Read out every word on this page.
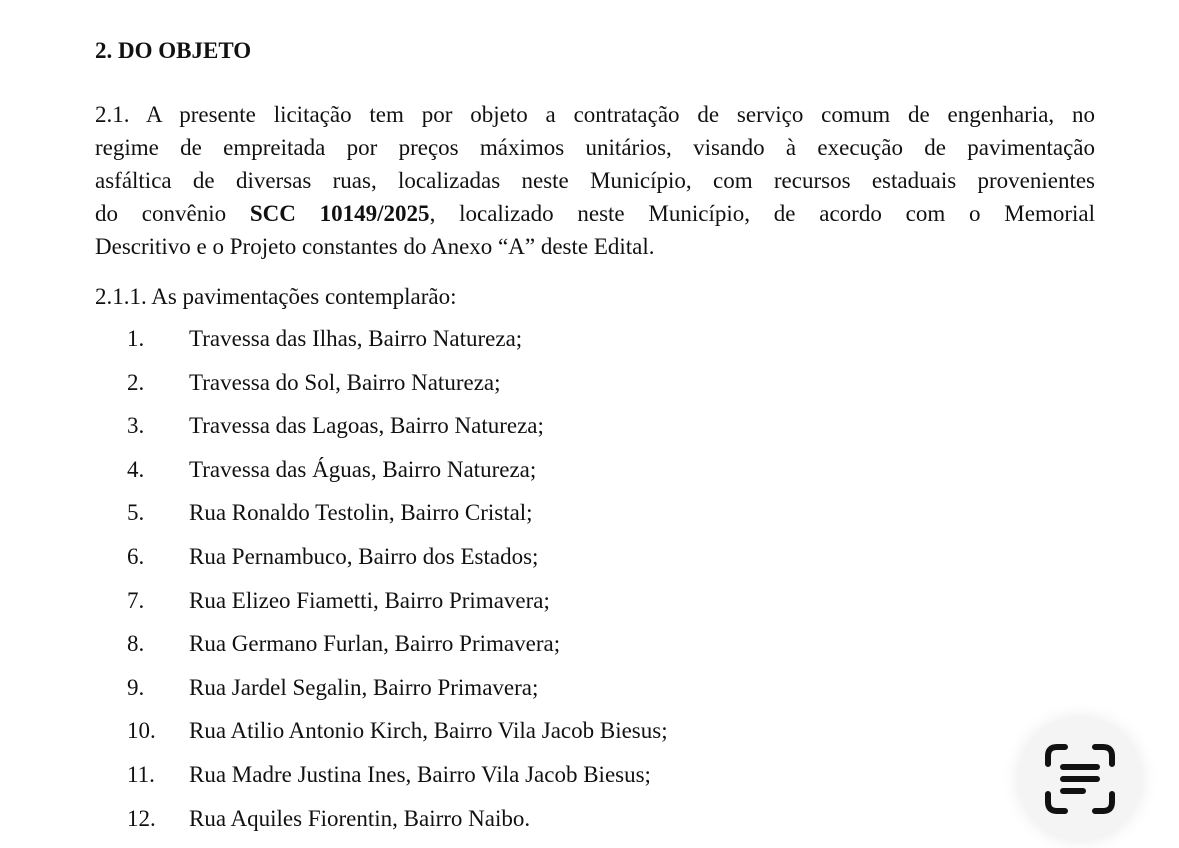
2. DO OBJETO
2.1. A presente licitação tem por objeto a contratação de serviço comum de engenharia, no
regime de empreitada por preços máximos unitários, visando à execução de pavimentação
asfáltica de diversas ruas, localizadas neste Município, com recursos estaduais provenientes
do convênio SCC 10149/2025, localizado neste Município, de acordo com o Memorial
Descritivo e o Projeto constantes do Anexo “A” deste Edital.
2.1.1. As pavimentações contemplarão:
1. Travessa das Ilhas, Bairro Natureza;
2. Travessa do Sol, Bairro Natureza;
3. Travessa das Lagoas, Bairro Natureza;
4. Travessa das Águas, Bairro Natureza;
5. Rua Ronaldo Testolin, Bairro Cristal;
6. Rua Pernambuco, Bairro dos Estados;
7. Rua Elizeo Fiametti, Bairro Primavera;
8. Rua Germano Furlan, Bairro Primavera;
9. Rua Jardel Segalin, Bairro Primavera;
10. Rua Atilio Antonio Kirch, Bairro Vila Jacob Biesus;
11. Rua Madre Justina Ines, Bairro Vila Jacob Biesus;
12. Rua Aquiles Fiorentin, Bairro Naibo.
